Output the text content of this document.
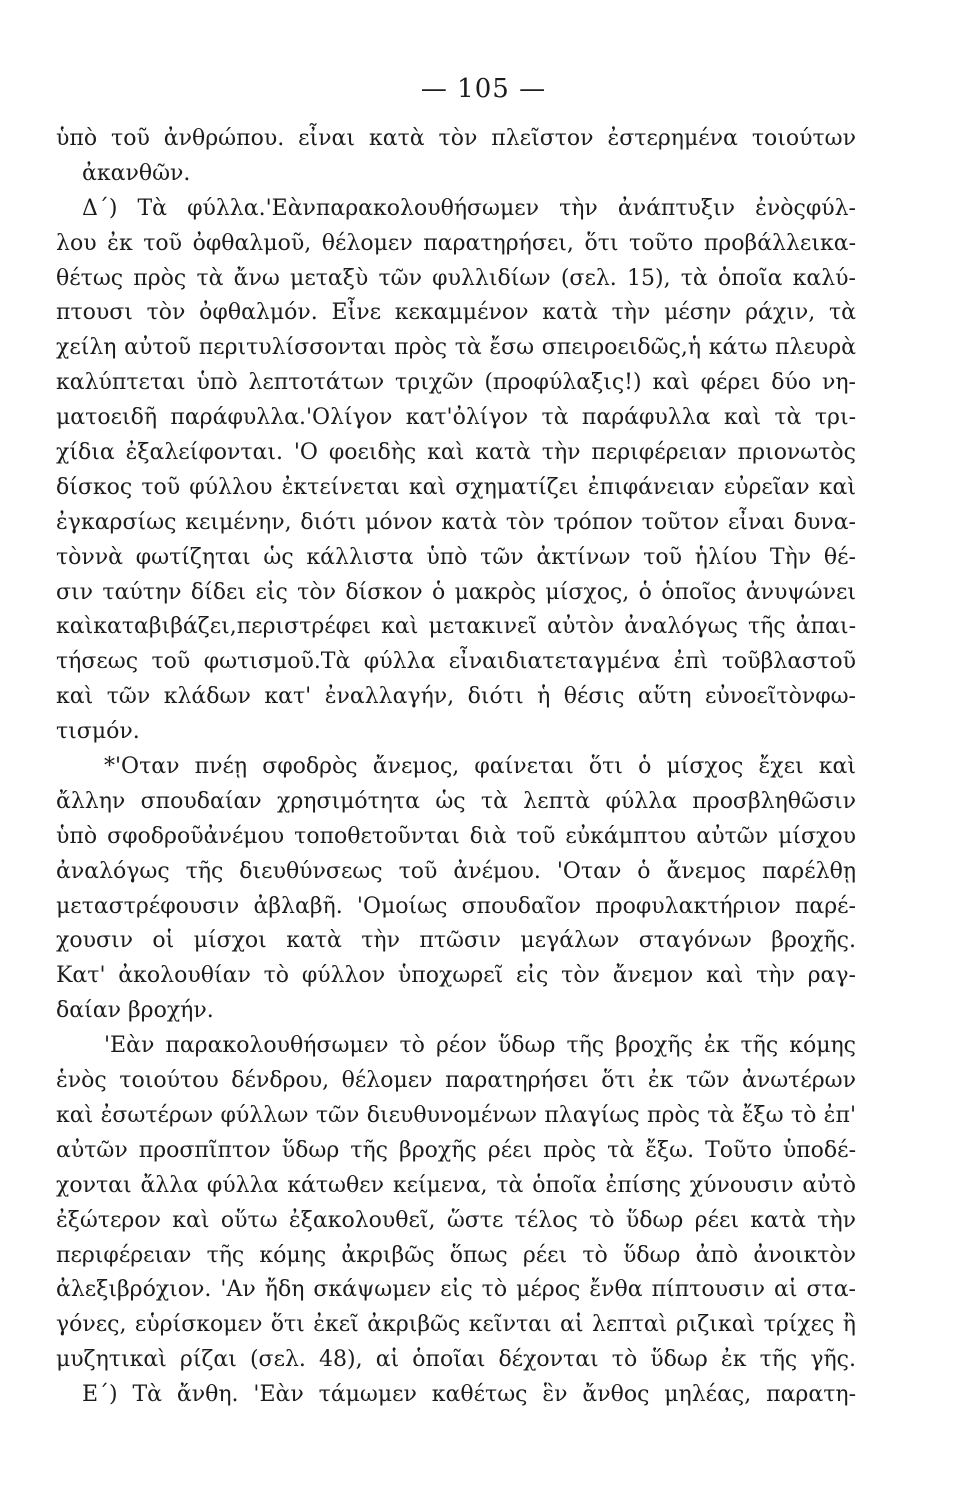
— 105 —
ὑπὸ τοῦ ἀνθρώπου. εἶναι κατὰ τὸν πλεῖστον ἐστερημένα τοιούτων
ἀκανθῶν.
Δ΄) Τὰ φύλλα.'Εὰνπαρακολουθήσωμεν τὴν ἀνάπτυξιν ἐνὸςφύλ-
λου ἐκ τοῦ ὀφθαλμοῦ, θέλομεν παρατηρήσει, ὅτι τοῦτο προβάλλεικα-
θέτως πρὸς τὰ ἄνω μεταξὺ τῶν φυλλιδίων (σελ. 15), τὰ ὁποῖα καλύ-
πτουσι τὸν ὀφθαλμόν. Εἶνε κεκαμμένον κατὰ τὴν μέσην ράχιν, τὰ
χείλη αὐτοῦ περιτυλίσσονται πρὸς τὰ ἔσω σπειροειδῶς,ἡ κάτω πλευρὰ
καλύπτεται ὑπὸ λεπτοτάτων τριχῶν (προφύλαξις!) καὶ φέρει δύο νη-
ματοειδῆ παράφυλλα.'Ολίγον κατ'ὀλίγον τὰ παράφυλλα καὶ τὰ τρι-
χίδια ἐξαλείφονται. 'Ο φοειδὴς καὶ κατὰ τὴν περιφέρειαν πριονωτὸς
δίσκος τοῦ φύλλου ἐκτείνεται καὶ σχηματίζει ἐπιφάνειαν εὐρεῖαν καὶ
ἐγκαρσίως κειμένην, διότι μόνον κατὰ τὸν τρόπον τοῦτον εἶναι δυνα-
τὸννὰ φωτίζηται ὡς κάλλιστα ὑπὸ τῶν ἀκτίνων τοῦ ἡλίου Τὴν θέ-
σιν ταύτην δίδει εἰς τὸν δίσκον ὁ μακρὸς μίσχος, ὁ ὁποῖος ἀνυψώνει
καὶκαταβιβάζει,περιστρέφει καὶ μετακινεῖ αὐτὸν ἀναλόγως τῆς ἀπαι-
τήσεως τοῦ φωτισμοῦ.Τὰ φύλλα εἶναιδιατεταγμένα ἐπὶ τοῦβλαστοῦ
καὶ τῶν κλάδων κατ' ἐναλλαγήν, διότι ἡ θέσις αὕτη εὐνοεῖτὸνφω-
τισμόν.
*'Οταν πνέῃ σφοδρὸς ἄνεμος, φαίνεται ὅτι ὁ μίσχος ἔχει καὶ
ἄλλην σπουδαίαν χρησιμότητα ὡς τὰ λεπτὰ φύλλα προσβληθῶσιν
ὑπὸ σφοδροῦἀνέμου τοποθετοῦνται διὰ τοῦ εὐκάμπτου αὐτῶν μίσχου
ἀναλόγως τῆς διευθύνσεως τοῦ ἀνέμου. 'Οταν ὁ ἄνεμος παρέλθῃ
μεταστρέφουσιν ἀβλαβῆ. 'Ομοίως σπουδαῖον προφυλακτήριον παρέ-
χουσιν οἱ μίσχοι κατὰ τὴν πτῶσιν μεγάλων σταγόνων βροχῆς.
Κατ' ἀκολουθίαν τὸ φύλλον ὑποχωρεῖ εἰς τὸν ἄνεμον καὶ τὴν ραγ-
δαίαν βροχήν.
'Εὰν παρακολουθήσωμεν τὸ ρέον ὕδωρ τῆς βροχῆς ἐκ τῆς κόμης
ἑνὸς τοιούτου δένδρου, θέλομεν παρατηρήσει ὅτι ἐκ τῶν ἀνωτέρων
καὶ ἐσωτέρων φύλλων τῶν διευθυνομένων πλαγίως πρὸς τὰ ἔξω τὸ ἐπ'
αὐτῶν προσπῖπτον ὕδωρ τῆς βροχῆς ρέει πρὸς τὰ ἔξω. Τοῦτο ὑποδέ-
χονται ἄλλα φύλλα κάτωθεν κείμενα, τὰ ὁποῖα ἐπίσης χύνουσιν αὐτὸ
ἐξώτερον καὶ οὕτω ἐξακολουθεῖ, ὥστε τέλος τὸ ὕδωρ ρέει κατὰ τὴν
περιφέρειαν τῆς κόμης ἀκριβῶς ὅπως ρέει τὸ ὕδωρ ἀπὸ ἀνοικτὸν
ἀλεξιβρόχιον. 'Αν ἤδη σκάψωμεν εἰς τὸ μέρος ἔνθα πίπτουσιν αἱ στα-
γόνες, εὑρίσκομεν ὅτι ἐκεῖ ἀκριβῶς κεῖνται αἱ λεπταὶ ριζικαὶ τρίχες ἢ
μυζητικαὶ ρίζαι (σελ. 48), αἱ ὁποῖαι δέχονται τὸ ὕδωρ ἐκ τῆς γῆς.
Ε΄) Τὰ ἄνθη. 'Εὰν τάμωμεν καθέτως ἓν ἄνθος μηλέας, παρατη-
